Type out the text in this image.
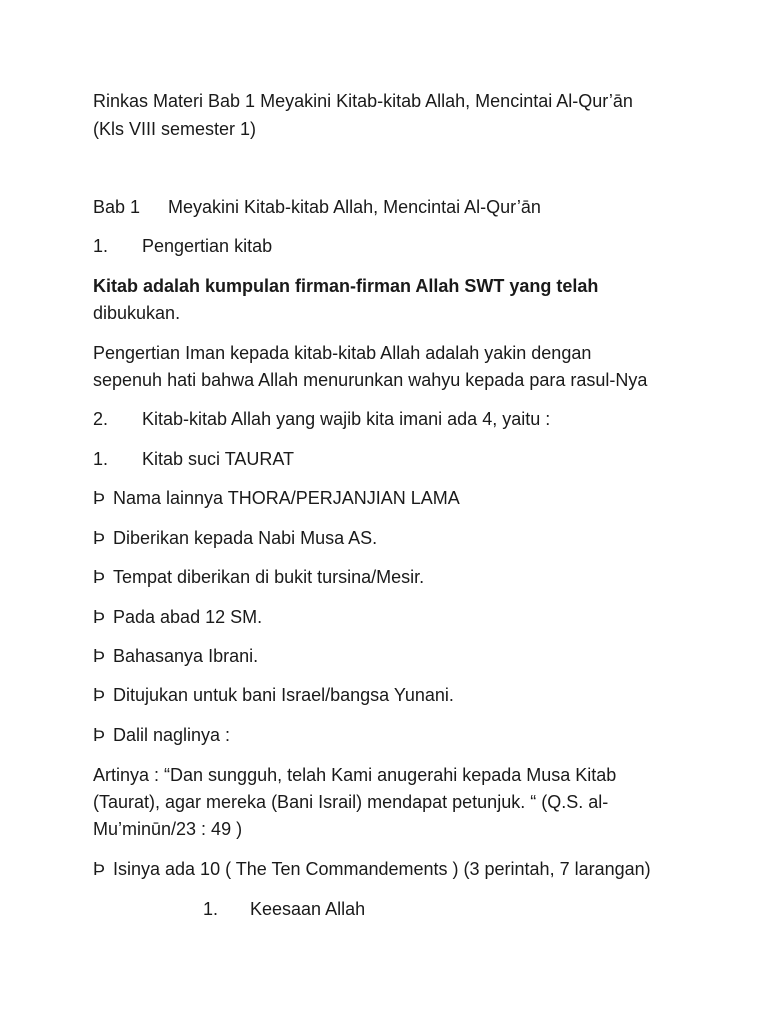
Rinkas Materi Bab 1 Meyakini Kitab-kitab Allah, Mencintai Al-Qur’ān
(Kls VIII semester 1)
Bab 1 Meyakini Kitab-kitab Allah, Mencintai Al-Qur’ān
1. Pengertian kitab
Kitab adalah kumpulan firman-firman Allah SWT yang telah
dibukukan.
Pengertian Iman kepada kitab-kitab Allah adalah yakin dengan
sepenuh hati bahwa Allah menurunkan wahyu kepada para rasul-Nya
2. Kitab-kitab Allah yang wajib kita imani ada 4, yaitu :
1. Kitab suci TAURAT
Þ Nama lainnya THORA/PERJANJIAN LAMA
Þ Diberikan kepada Nabi Musa AS.
Þ Tempat diberikan di bukit tursina/Mesir.
Þ Pada abad 12 SM.
Þ Bahasanya Ibrani.
Þ Ditujukan untuk bani Israel/bangsa Yunani.
Þ Dalil naglinya :
Artinya : “Dan sungguh, telah Kami anugerahi kepada Musa Kitab
(Taurat), agar mereka (Bani Israil) mendapat petunjuk. “ (Q.S. al-
Mu’minūn/23 : 49 )
Þ Isinya ada 10 ( The Ten Commandements ) (3 perintah, 7 larangan)
1. Keesaan Allah
